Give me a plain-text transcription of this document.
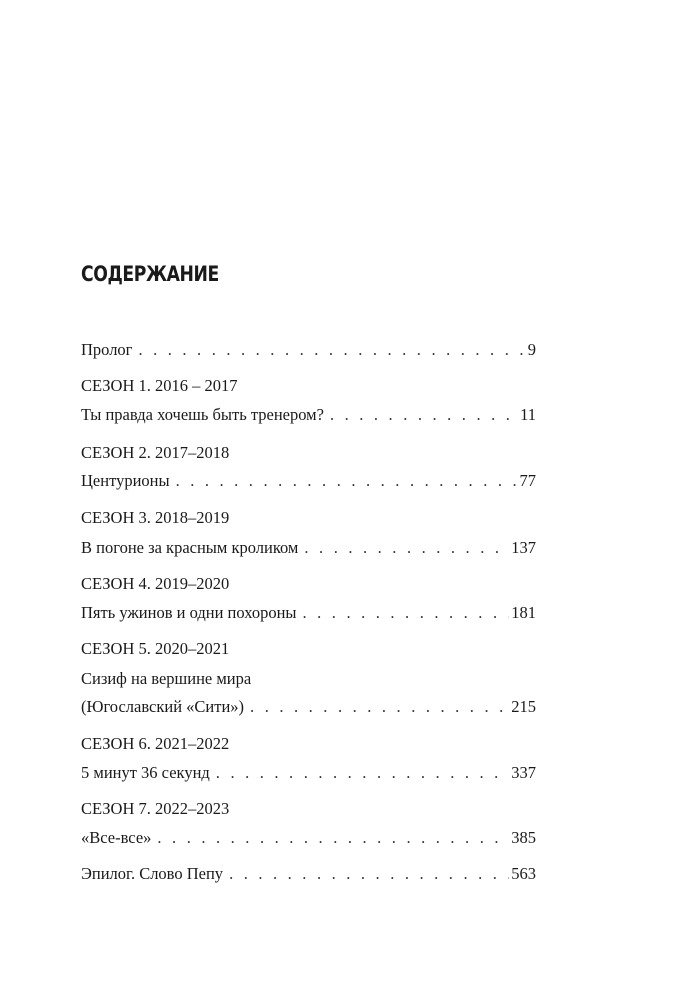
СОДЕРЖАНИЕ
Пролог . . .	9
СЕЗОН 1. 2016 – 2017
Ты правда хочешь быть тренером? . . .	11
СЕЗОН 2. 2017–2018
Центурионы . . .	77
СЕЗОН 3. 2018–2019
В погоне за красным кроликом . . .	137
СЕЗОН 4. 2019–2020
Пять ужинов и одни похороны . . .	181
СЕЗОН 5. 2020–2021
Сизиф на вершине мира
(Югославский «Сити») . . .	215
СЕЗОН 6. 2021–2022
5 минут 36 секунд . . .	337
СЕЗОН 7. 2022–2023
«Все-все» . . .	385
Эпилог. Слово Пепу . . .	563
